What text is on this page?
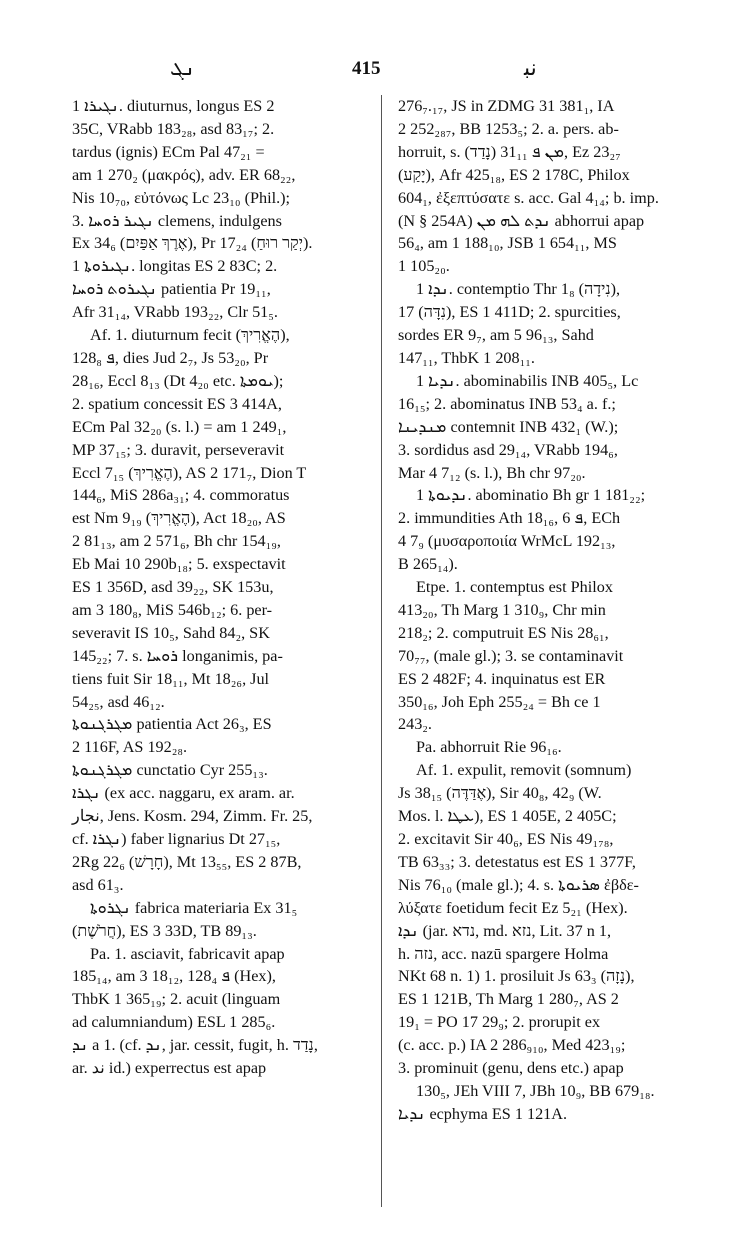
ܢܓ	415	ﻧﺒ
ܢܓܝܪܐ 1. diuturnus, longus ES 2
35C, VRabb 183₂₈, asd 83₁₇; 2.
tardus (ignis) ECm Pal 47₂₁ =
am 1 270₂ (μακρός), adv. ER 68₂₂,
Nis 10₇₀, εὐτόνως Lc 23₁₀ (Phil.);
3. ܢܓܝܪ ܪܘܚܐ clemens, indulgens
Ex 34₆ (אֶרֶךְ אַפַּיִם), Pr 17₂₄ (יְקַר רוּחַ).
ܢܓܝܪܘܬܐ 1. longitas ES 2 83C; 2.
ܢܓܝܪܘܬ ܪܘܚܐ patientia Pr 19₁₁,
Afr 31₁₄, VRabb 193₂₂, Clr 51₅.
Af. 1. diuturnum fecit (הֶאֱרִיךְ),
ܦ 128₈, dies Jud 2₇, Js 53₂₀, Pr
28₁₆, Eccl 8₁₃ (Dt 4₂₀ etc. ܝܘܡܬܐ);
2. spatium concessit ES 3 414A,
ECm Pal 32₂₀ (s. l.) = am 1 249₁,
MP 37₁₅; 3. duravit, perseveravit
Eccl 7₁₅ (הֶאֱרִיךְ), AS 2 171₇, Dion T
144₆, MiS 286a₃₁; 4. commoratus
est Nm 9₁₉ (הֶאֱרִיךְ), Act 18₂₀, AS
2 81₁₃, am 2 571₆, Bh chr 154₁₉,
Eb Mai 10 290b₁₈; 5. exspectavit
ES 1 356D, asd 39₂₂, SK 153u,
am 3 180₈, MiS 546b₁₂; 6. per-
severavit IS 10₅, Sahd 84₂, SK
145₂₂; 7. s. ܪܘܚܐ longanimis, pa-
tiens fuit Sir 18₁₁, Mt 18₂₆, Jul
54₂₅, asd 46₁₂.
ܡܓܪܓܢܘܬܐ patientia Act 26₃, ES
2 116F, AS 192₂₈.
ܡܓܪܓܢܘܬܐ cunctatio Cyr 255₁₃.
ܢܓܪܐ (ex acc. naggaru, ex aram. ar.
ﻧﺠﺎﺭ, Jens. Kosm. 294, Zimm. Fr. 25,
cf. ܢܓܪܐ) faber lignarius Dt 27₁₅,
2Rg 22₆ (חָרָשׁ), Mt 13₅₅, ES 2 87B,
asd 61₃.
ܢܓܪܘܬܐ fabrica materiaria Ex 31₅
(חֲרֹשֶׁת), ES 3 33D, TB 89₁₃.
Pa. 1. asciavit, fabricavit apap
185₁₄, am 3 18₁₂, ܦ 128₄ (Hex),
ThbK 1 365₁₉; 2. acuit (linguam
ad calumniandum) ESL 1 285₆.
ܢܕ a 1. (cf. ܢܕ, jar. cessit, fugit, h. נָדַד,
ar. ﻧﺪ id.) experrectus est apap
276₇.₁₇, JS in ZDMG 31 381₁, IA
2 252₂₈₇, BB 1253₅; 2. a. pers. ab-
horruit, s. ܡܢ ܦ 31₁₁ (נָדַד), Ez 23₂₇
(יָקַע), Afr 425₁₈, ES 2 178C, Philox
604₁, ἐξεπτύσατε s. acc. Gal 4₁₄; b. imp.
(N § 254A) ܢܕܬ ܠܗ ܡܢ abhorrui apap
56₄, am 1 188₁₀, JSB 1 654₁₁, MS
1 105₂₀.
ܢܕܐ 1. contemptio Thr 1₈ (נִידָה),
17 (נִדָּה), ES 1 411D; 2. spurcities,
sordes ER 9₇, am 5 96₁₃, Sahd
147₁₁, ThbK 1 208₁₁.
ܢܕܝܐ 1. abominabilis INB 405₅, Lc
16₁₅; 2. abominatus INB 53₄ a. f.;
ܡܢܕܝܢܐ contemnit INB 432₁ (W.);
3. sordidus asd 29₁₄, VRabb 194₆,
Mar 4 7₁₂ (s. l.), Bh chr 97₂₀.
ܢܕܝܘܬܐ 1. abominatio Bh gr 1 181₂₂;
2. immundities Ath 18₁₆, ܦ 6, ECh
4 7₉ (μυσαροποιία WrMcL 192₁₃,
B 265₁₄).
Etpe. 1. contemptus est Philox
413₂₀, Th Marg 1 310₉, Chr min
218₂; 2. computruit ES Nis 28₆₁,
70₇₇, (male gl.); 3. se contaminavit
ES 2 482F; 4. inquinatus est ER
350₁₆, Joh Eph 255₂₄ = Bh ce 1
243₂.
Pa. abhorruit Rie 96₁₆.
Af. 1. expulit, removit (somnum)
Js 38₁₅ (אֶדַּדֶּה), Sir 40₈, 42₉ (W.
Mos. l. ܥܛܐ), ES 1 405E, 2 405C;
2. excitavit Sir 40₆, ES Nis 49₁₇₈,
TB 63₃₃; 3. detestatus est ES 1 377F,
Nis 76₁₀ (male gl.); 4. s. ܣܪܝܘܬܐ ἐβδε-
λύξατε foetidum fecit Ez 5₂₁ (Hex).
ܢܕܐ (jar. נדא, md. נזא, Lit. 37 n 1,
h. נזה, acc. nazū spargere Holma
NKt 68 n. 1) 1. prosiluit Js 63₃ (נָזָה),
ES 1 121B, Th Marg 1 280₇, AS 2
19₁ = PO 17 29₉; 2. prorupit ex
(c. acc. p.) IA 2 286₉₁₀, Med 423₁₉;
3. prominuit (genu, dens etc.) apap
130₅, JEh VIII 7, JBh 10₉, BB 679₁₈.
ܢܕܝܐ ecphyma ES 1 121A.
